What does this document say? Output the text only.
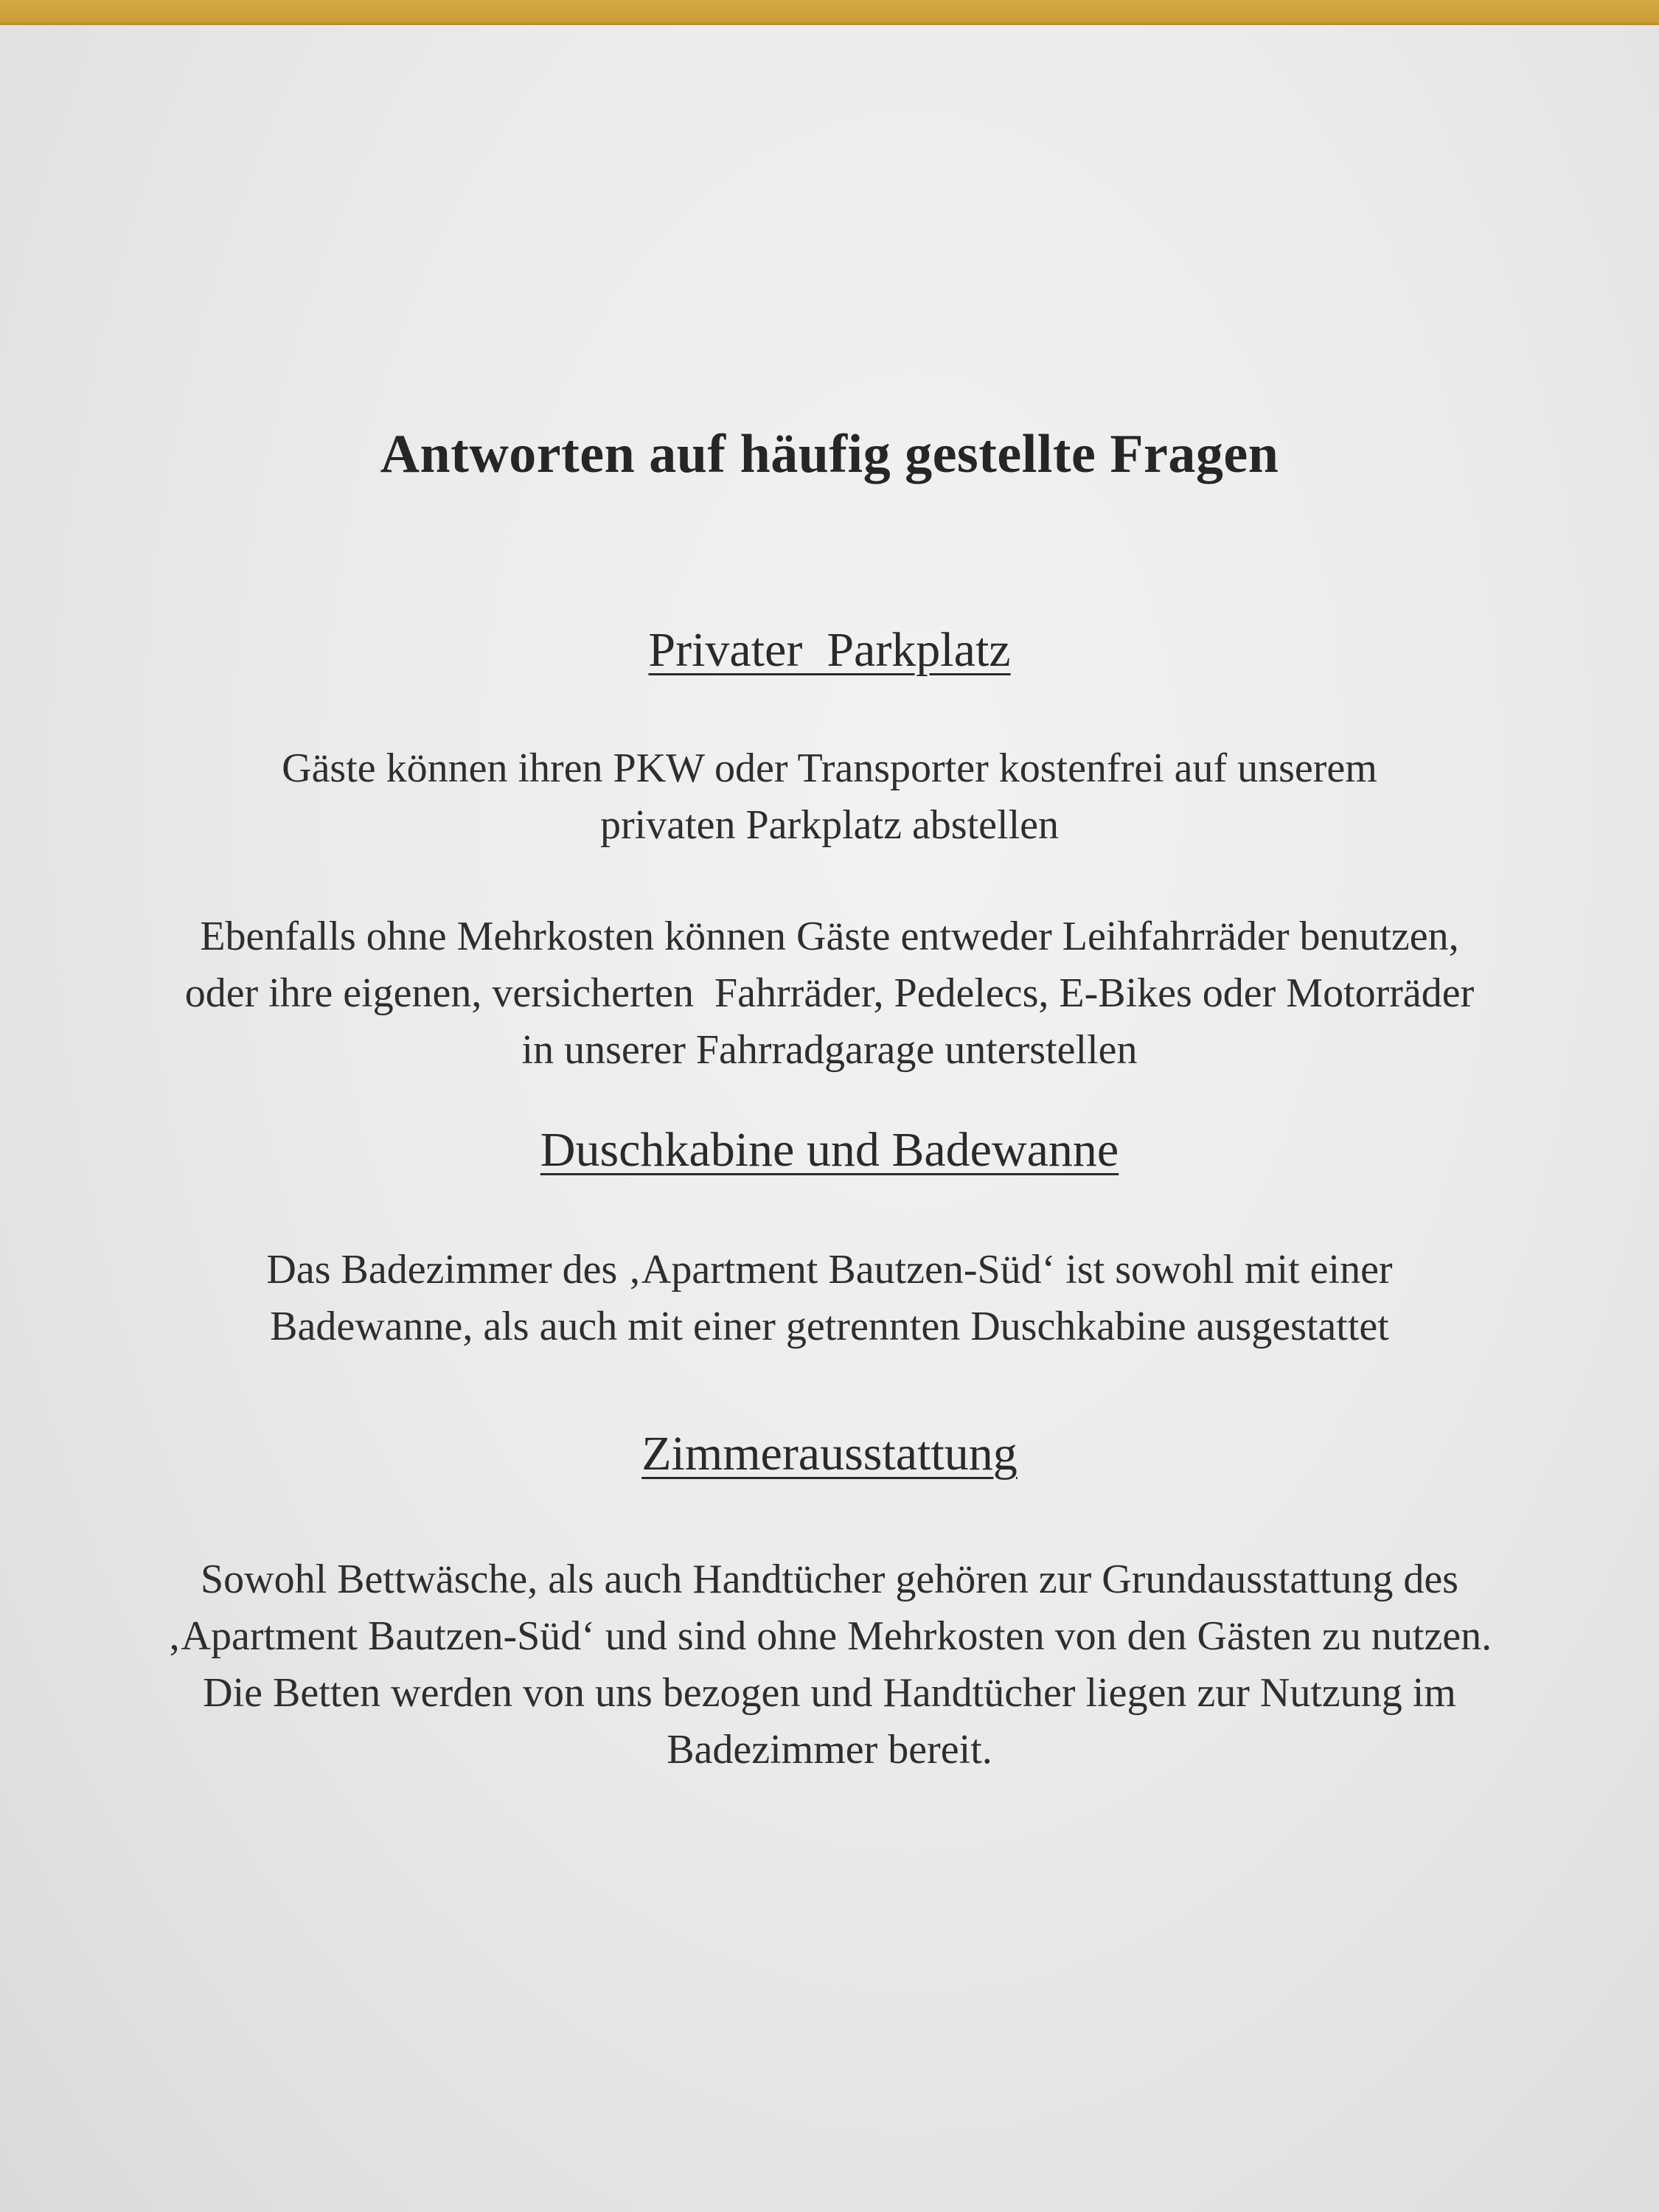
Antworten auf häufig gestellte Fragen
Privater  Parkplatz
Gäste können ihren PKW oder Transporter kostenfrei auf unserem
privaten Parkplatz abstellen
Ebenfalls ohne Mehrkosten können Gäste entweder Leihfahrräder benutzen,
oder ihre eigenen, versicherten  Fahrräder, Pedelecs, E-Bikes oder Motorräder
in unserer Fahrradgarage unterstellen
Duschkabine und Badewanne
Das Badezimmer des ‚Apartment Bautzen-Süd‘ ist sowohl mit einer
Badewanne, als auch mit einer getrennten Duschkabine ausgestattet
Zimmerausstattung
Sowohl Bettwäsche, als auch Handtücher gehören zur Grundausstattung des
‚Apartment Bautzen-Süd‘ und sind ohne Mehrkosten von den Gästen zu nutzen.
Die Betten werden von uns bezogen und Handtücher liegen zur Nutzung im
Badezimmer bereit.
